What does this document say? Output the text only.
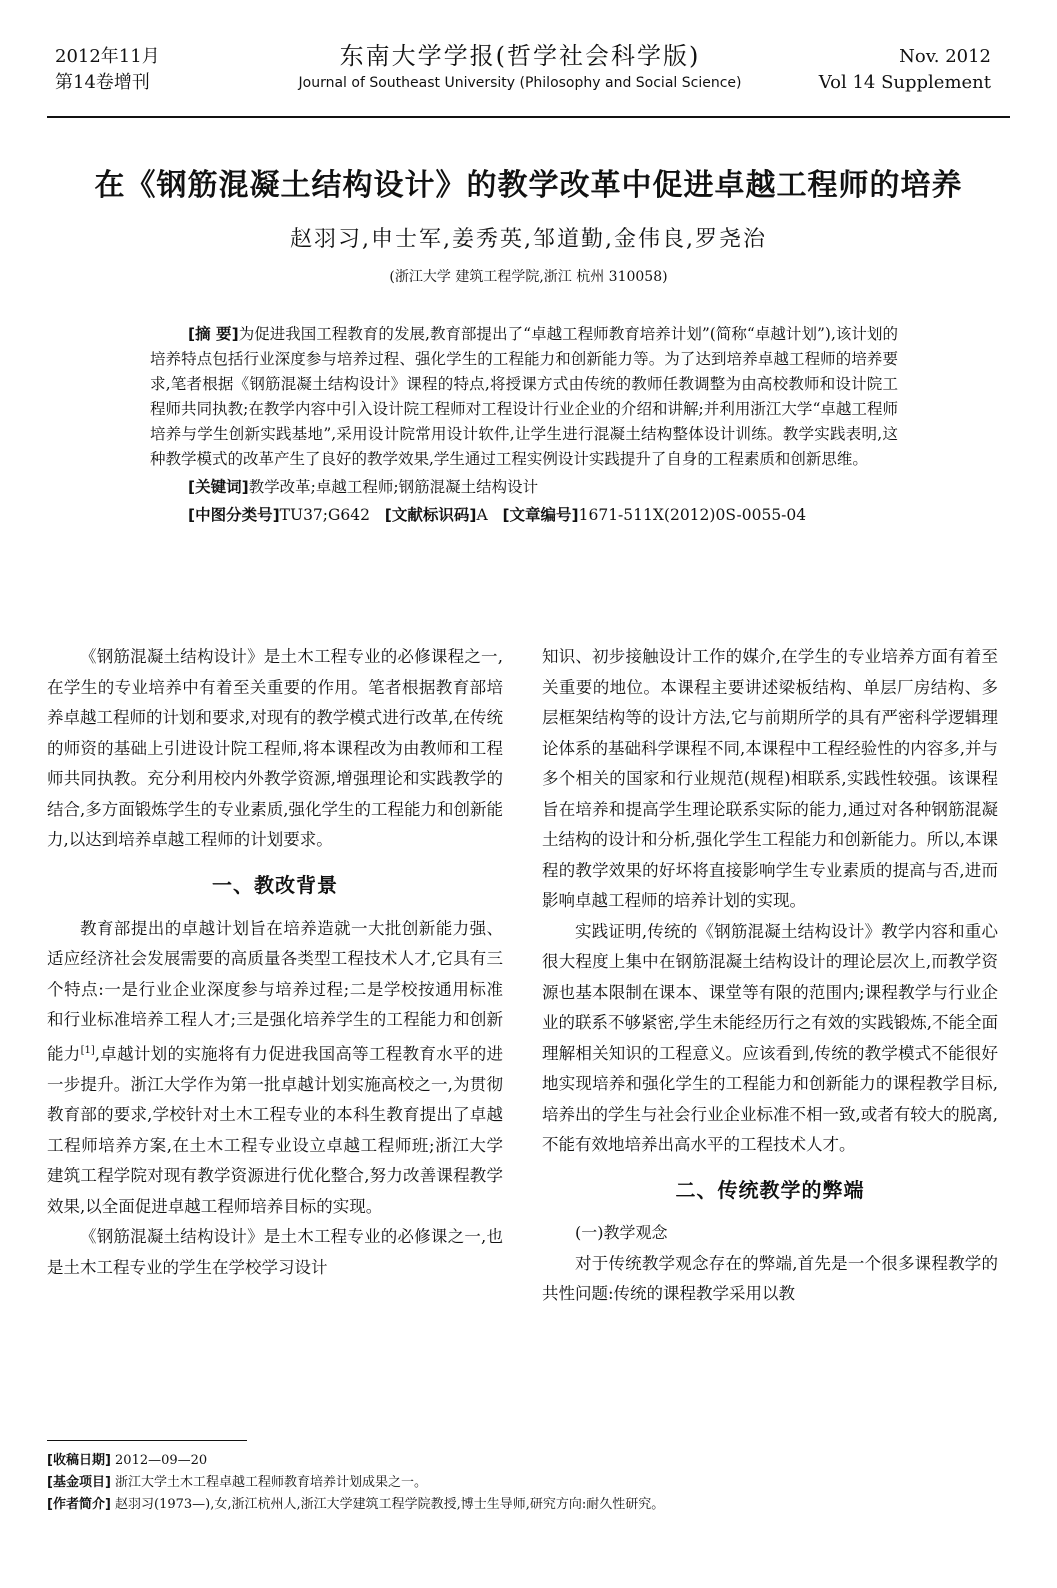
2012年11月
第14卷增刊
东南大学学报(哲学社会科学版)
Journal of Southeast University (Philosophy and Social Science)
Nov. 2012
Vol 14 Supplement
在《钢筋混凝土结构设计》的教学改革中促进卓越工程师的培养
赵羽习,申士军,姜秀英,邹道勤,金伟良,罗尧治
(浙江大学 建筑工程学院,浙江 杭州 310058)

[摘 要]为促进我国工程教育的发展,教育部提出了“卓越工程师教育培养计划”(简称“卓越计划”),该计划的培养特点包括行业深度参与培养过程、强化学生的工程能力和创新能力等。为了达到培养卓越工程师的培养要求,笔者根据《钢筋混凝土结构设计》课程的特点,将授课方式由传统的教师任教调整为由高校教师和设计院工程师共同执教;在教学内容中引入设计院工程师对工程设计行业企业的介绍和讲解;并利用浙江大学“卓越工程师培养与学生创新实践基地”,采用设计院常用设计软件,让学生进行混凝土结构整体设计训练。教学实践表明,这种教学模式的改革产生了良好的教学效果,学生通过工程实例设计实践提升了自身的工程素质和创新思维。

[关键词]教学改革;卓越工程师;钢筋混凝土结构设计
[中图分类号]TU37;G642 [文献标识码]A [文章编号]1671-511X(2012)0S-0055-04

《钢筋混凝土结构设计》是土木工程专业的必修课程之一,在学生的专业培养中有着至关重要的作用。笔者根据教育部培养卓越工程师的计划和要求,对现有的教学模式进行改革,在传统的师资的基础上引进设计院工程师,将本课程改为由教师和工程师共同执教。充分利用校内外教学资源,增强理论和实践教学的结合,多方面锻炼学生的专业素质,强化学生的工程能力和创新能力,以达到培养卓越工程师的计划要求。

一、教改背景

教育部提出的卓越计划旨在培养造就一大批创新能力强、适应经济社会发展需要的高质量各类型工程技术人才,它具有三个特点:一是行业企业深度参与培养过程;二是学校按通用标准和行业标准培养工程人才;三是强化培养学生的工程能力和创新能力[1],卓越计划的实施将有力促进我国高等工程教育水平的进一步提升。浙江大学作为第一批卓越计划实施高校之一,为贯彻教育部的要求,学校针对土木工程专业的本科生教育提出了卓越工程师培养方案,在土木工程专业设立卓越工程师班;浙江大学建筑工程学院对现有教学资源进行优化整合,努力改善课程教学效果,以全面促进卓越工程师培养目标的实现。

《钢筋混凝土结构设计》是土木工程专业的必修课之一,也是土木工程专业的学生在学校学习设计

知识、初步接触设计工作的媒介,在学生的专业培养方面有着至关重要的地位。本课程主要讲述梁板结构、单层厂房结构、多层框架结构等的设计方法,它与前期所学的具有严密科学逻辑理论体系的基础科学课程不同,本课程中工程经验性的内容多,并与多个相关的国家和行业规范(规程)相联系,实践性较强。该课程旨在培养和提高学生理论联系实际的能力,通过对各种钢筋混凝土结构的设计和分析,强化学生工程能力和创新能力。所以,本课程的教学效果的好坏将直接影响学生专业素质的提高与否,进而影响卓越工程师的培养计划的实现。

实践证明,传统的《钢筋混凝土结构设计》教学内容和重心很大程度上集中在钢筋混凝土结构设计的理论层次上,而教学资源也基本限制在课本、课堂等有限的范围内;课程教学与行业企业的联系不够紧密,学生未能经历行之有效的实践锻炼,不能全面理解相关知识的工程意义。应该看到,传统的教学模式不能很好地实现培养和强化学生的工程能力和创新能力的课程教学目标,培养出的学生与社会行业企业标准不相一致,或者有较大的脱离,不能有效地培养出高水平的工程技术人才。

二、传统教学的弊端
(一)教学观念

对于传统教学观念存在的弊端,首先是一个很多课程教学的共性问题:传统的课程教学采用以教

[收稿日期] 2012—09—20
[基金项目] 浙江大学土木工程卓越工程师教育培养计划成果之一。
[作者简介] 赵羽习(1973—),女,浙江杭州人,浙江大学建筑工程学院教授,博士生导师,研究方向:耐久性研究。
